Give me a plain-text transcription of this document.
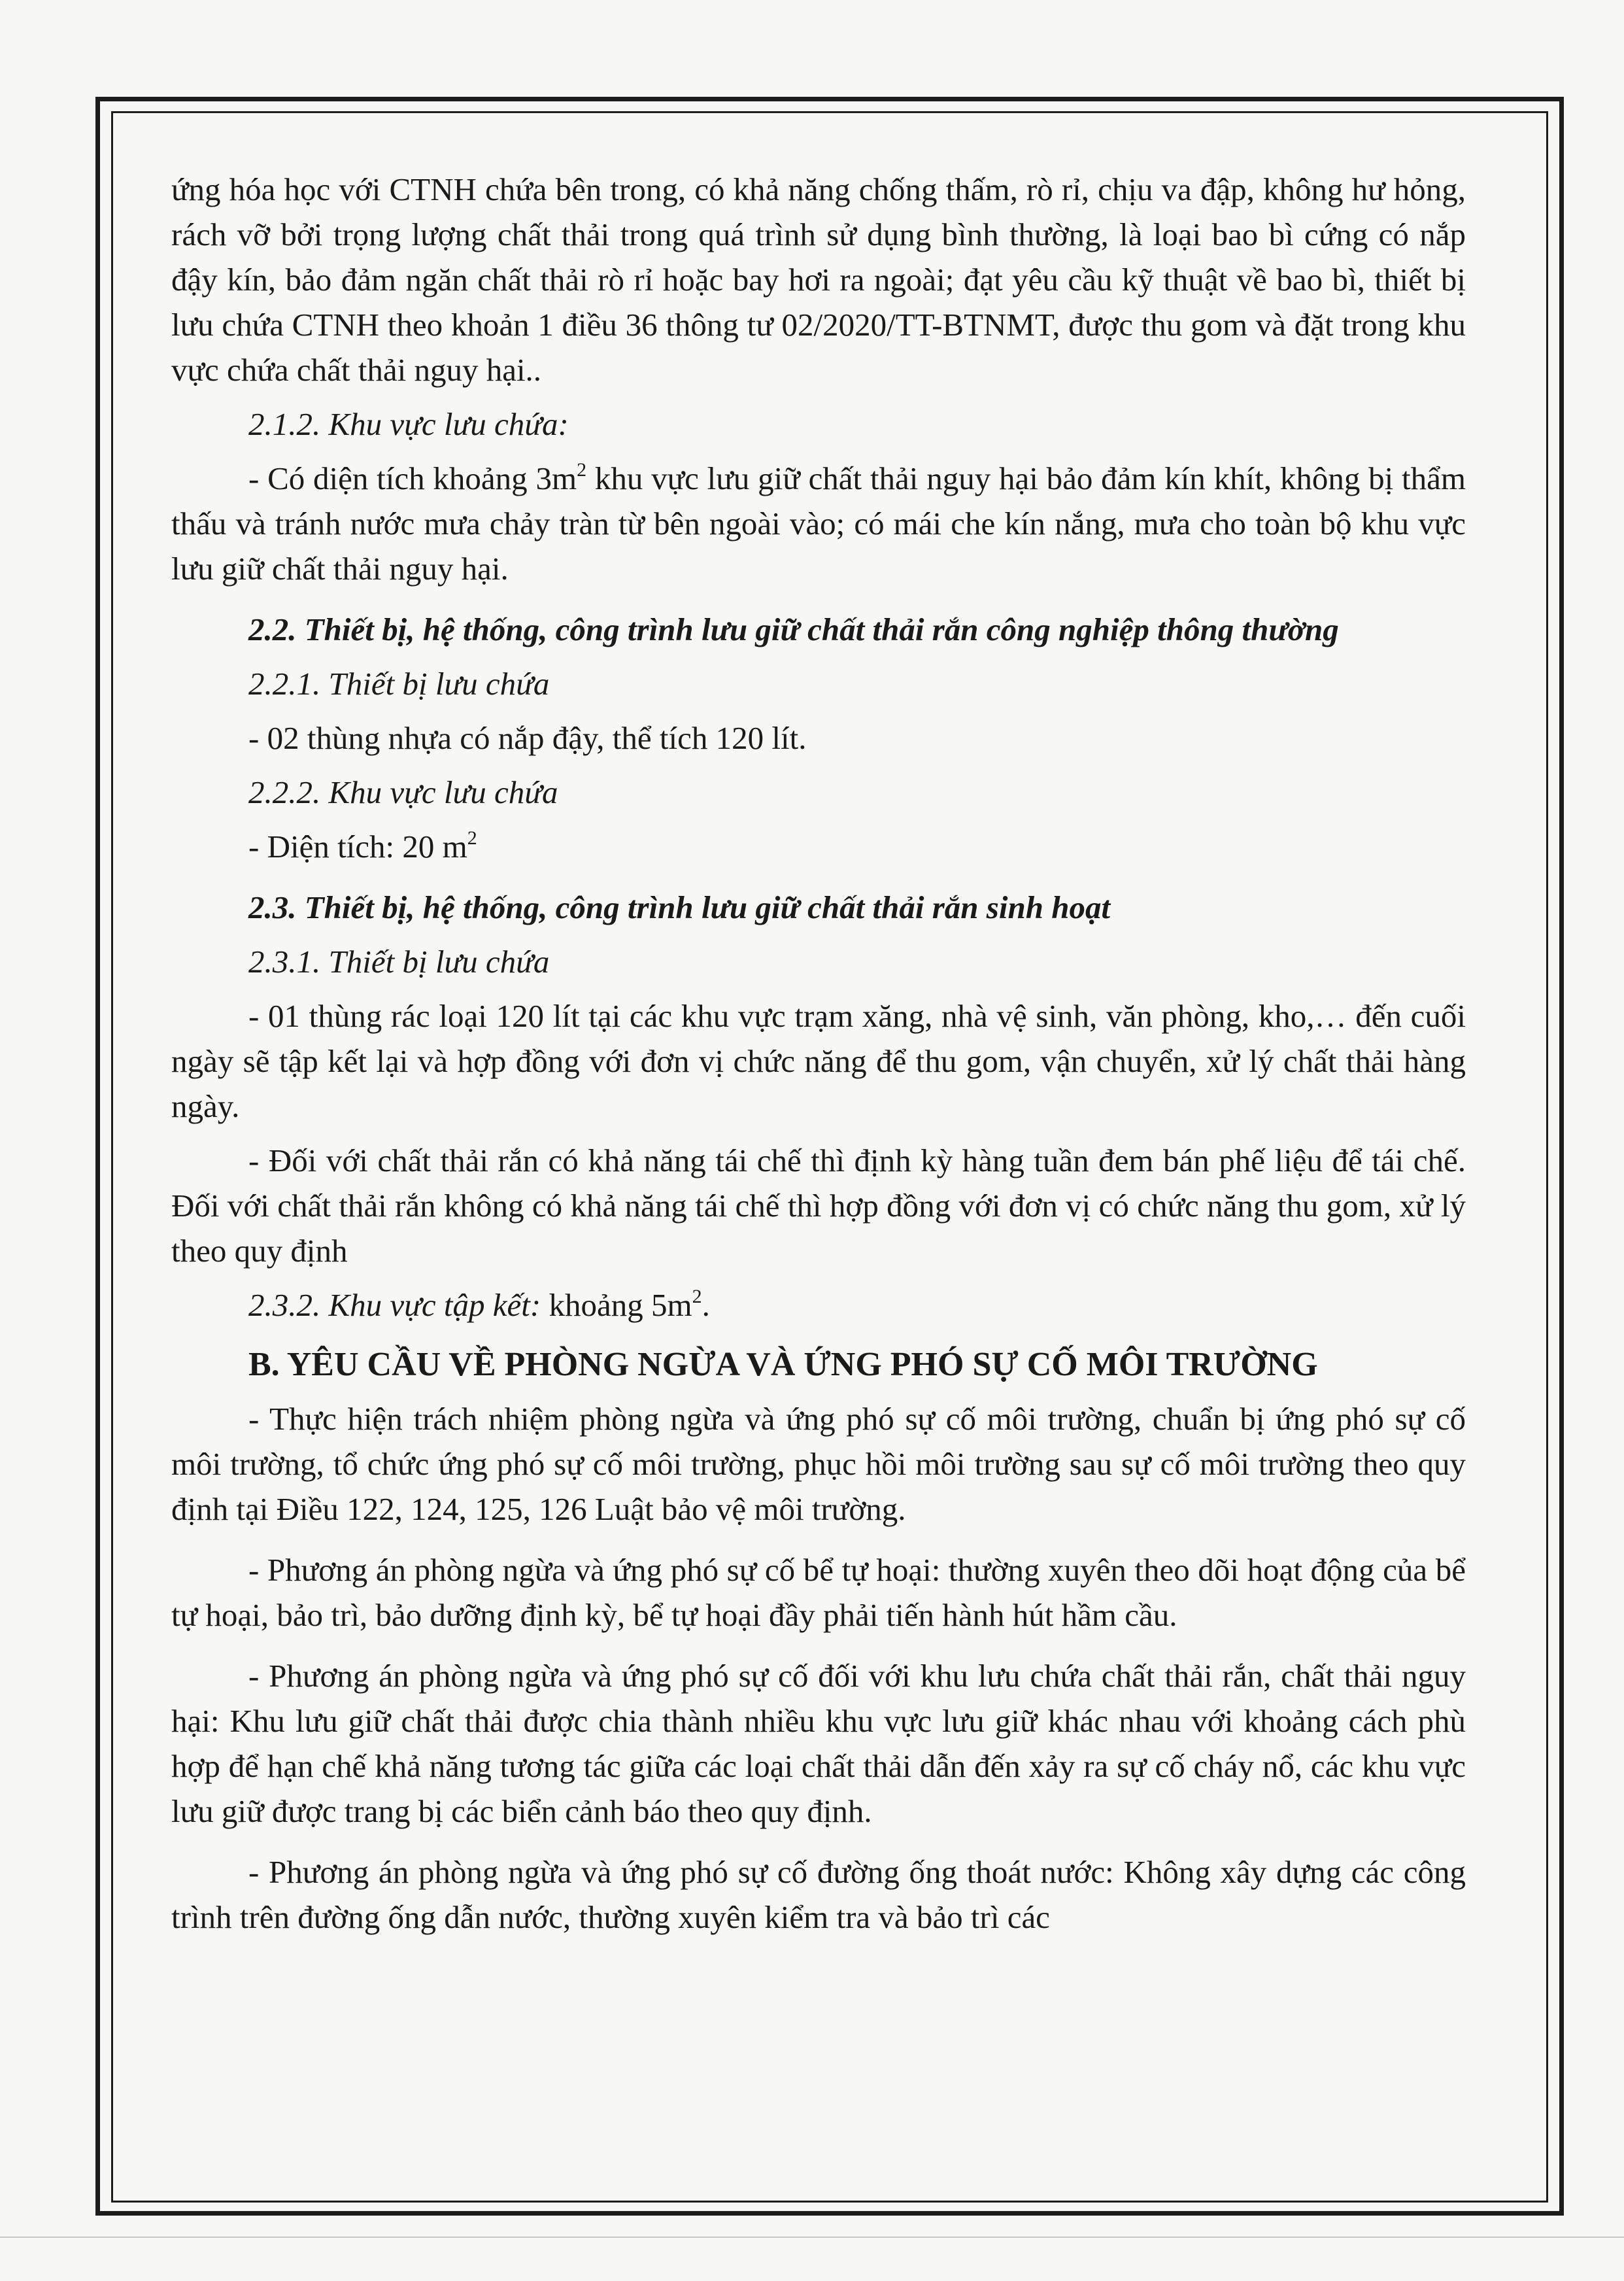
ứng hóa học với CTNH chứa bên trong, có khả năng chống thấm, rò rỉ, chịu va đập, không hư hỏng, rách vỡ bởi trọng lượng chất thải trong quá trình sử dụng bình thường, là loại bao bì cứng có nắp đậy kín, bảo đảm ngăn chất thải rò rỉ hoặc bay hơi ra ngoài; đạt yêu cầu kỹ thuật về bao bì, thiết bị lưu chứa CTNH theo khoản 1 điều 36 thông tư 02/2020/TT-BTNMT, được thu gom và đặt trong khu vực chứa chất thải nguy hại..

2.1.2. Khu vực lưu chứa:

- Có diện tích khoảng $3m^2$ khu vực lưu giữ chất thải nguy hại bảo đảm kín khít, không bị thẩm thấu và tránh nước mưa chảy tràn từ bên ngoài vào; có mái che kín nắng, mưa cho toàn bộ khu vực lưu giữ chất thải nguy hại.

2.2. Thiết bị, hệ thống, công trình lưu giữ chất thải rắn công nghiệp thông thường

2.2.1. Thiết bị lưu chứa

- 02 thùng nhựa có nắp đậy, thể tích 120 lít.

2.2.2. Khu vực lưu chứa

- Diện tích: 20 $m^2$

2.3. Thiết bị, hệ thống, công trình lưu giữ chất thải rắn sinh hoạt

2.3.1. Thiết bị lưu chứa

- 01 thùng rác loại 120 lít tại các khu vực trạm xăng, nhà vệ sinh, văn phòng, kho,… đến cuối ngày sẽ tập kết lại và hợp đồng với đơn vị chức năng để thu gom, vận chuyển, xử lý chất thải hàng ngày.

- Đối với chất thải rắn có khả năng tái chế thì định kỳ hàng tuần đem bán phế liệu để tái chế. Đối với chất thải rắn không có khả năng tái chế thì hợp đồng với đơn vị có chức năng thu gom, xử lý theo quy định

2.3.2. Khu vực tập kết: khoảng $5m^2$.

B. YÊU CẦU VỀ PHÒNG NGỪA VÀ ỨNG PHÓ SỰ CỐ MÔI TRƯỜNG

- Thực hiện trách nhiệm phòng ngừa và ứng phó sự cố môi trường, chuẩn bị ứng phó sự cố môi trường, tổ chức ứng phó sự cố môi trường, phục hồi môi trường sau sự cố môi trường theo quy định tại Điều 122, 124, 125, 126 Luật bảo vệ môi trường.

- Phương án phòng ngừa và ứng phó sự cố bể tự hoại: thường xuyên theo dõi hoạt động của bể tự hoại, bảo trì, bảo dưỡng định kỳ, bể tự hoại đầy phải tiến hành hút hầm cầu.

- Phương án phòng ngừa và ứng phó sự cố đối với khu lưu chứa chất thải rắn, chất thải nguy hại: Khu lưu giữ chất thải được chia thành nhiều khu vực lưu giữ khác nhau với khoảng cách phù hợp để hạn chế khả năng tương tác giữa các loại chất thải dẫn đến xảy ra sự cố cháy nổ, các khu vực lưu giữ được trang bị các biển cảnh báo theo quy định.

- Phương án phòng ngừa và ứng phó sự cố đường ống thoát nước: Không xây dựng các công trình trên đường ống dẫn nước, thường xuyên kiểm tra và bảo trì các
